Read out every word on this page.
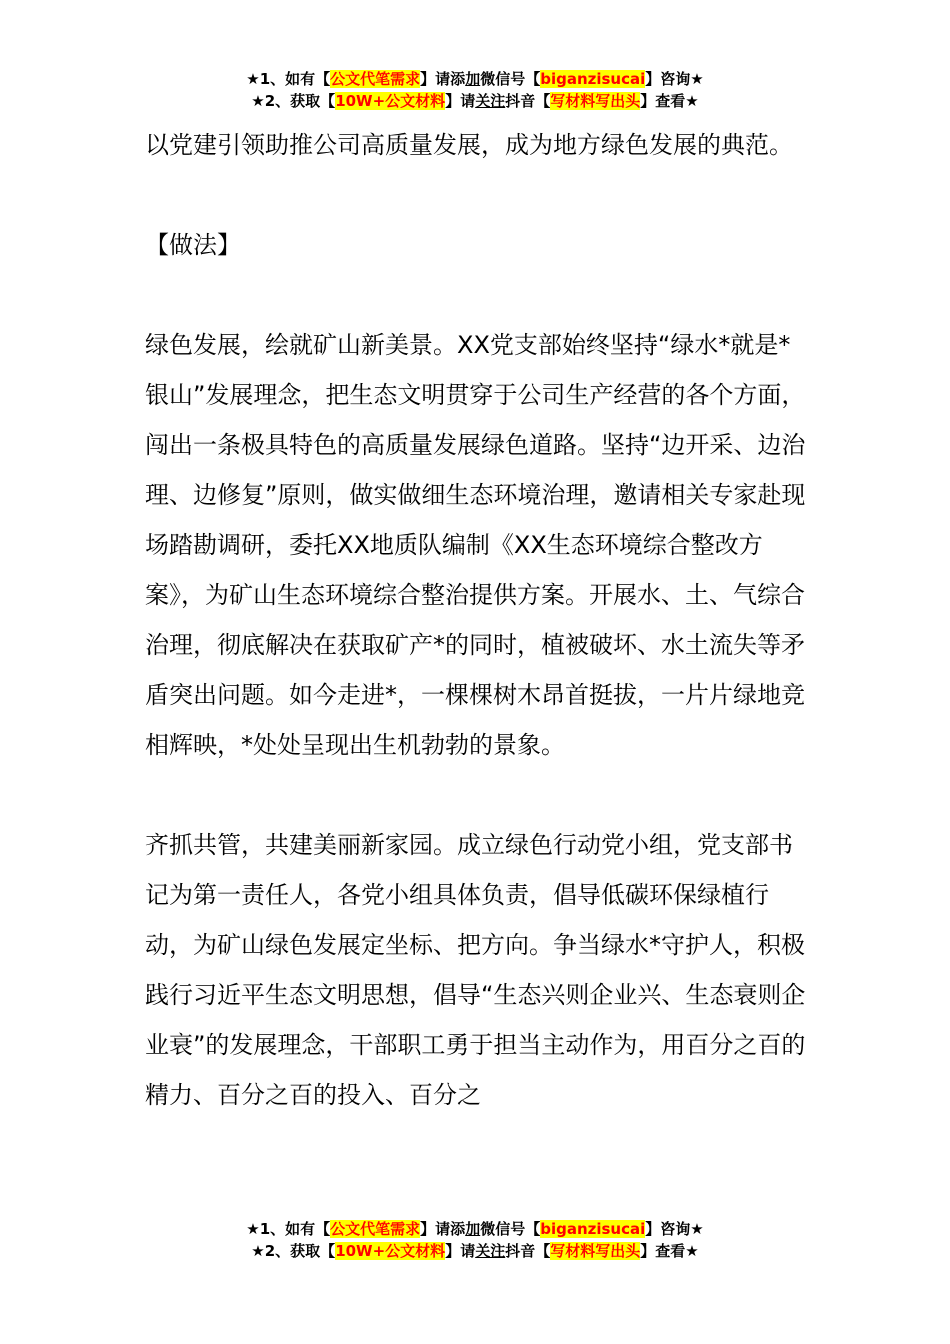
★1、如有【公文代笔需求】请添加微信号【biganzisucai】咨询★
★2、获取【10W+公文材料】请关注抖音【写材料写出头】查看★

以党建引领助推公司高质量发展，成为地方绿色发展的典范。

【做法】

绿色发展，绘就矿山新美景。XX党支部始终坚持“绿水*就是*银山”发展理念，把生态文明贯穿于公司生产经营的各个方面，闯出一条极具特色的高质量发展绿色道路。坚持“边开采、边治理、边修复”原则，做实做细生态环境治理，邀请相关专家赴现场踏勘调研，委托XX地质队编制《XX生态环境综合整改方案》，为矿山生态环境综合整治提供方案。开展水、土、气综合治理，彻底解决在获取矿产*的同时，植被破坏、水土流失等矛盾突出问题。如今走进*，一棵棵树木昂首挺拔，一片片绿地竞相辉映，*处处呈现出生机勃勃的景象。

齐抓共管，共建美丽新家园。成立绿色行动党小组，党支部书记为第一责任人，各党小组具体负责，倡导低碳环保绿植行动，为矿山绿色发展定坐标、把方向。争当绿水*守护人，积极践行习近平生态文明思想，倡导“生态兴则企业兴、生态衰则企业衰”的发展理念，干部职工勇于担当主动作为，用百分之百的精力、百分之百的投入、百分之

★1、如有【公文代笔需求】请添加微信号【biganzisucai】咨询★
★2、获取【10W+公文材料】请关注抖音【写材料写出头】查看★
